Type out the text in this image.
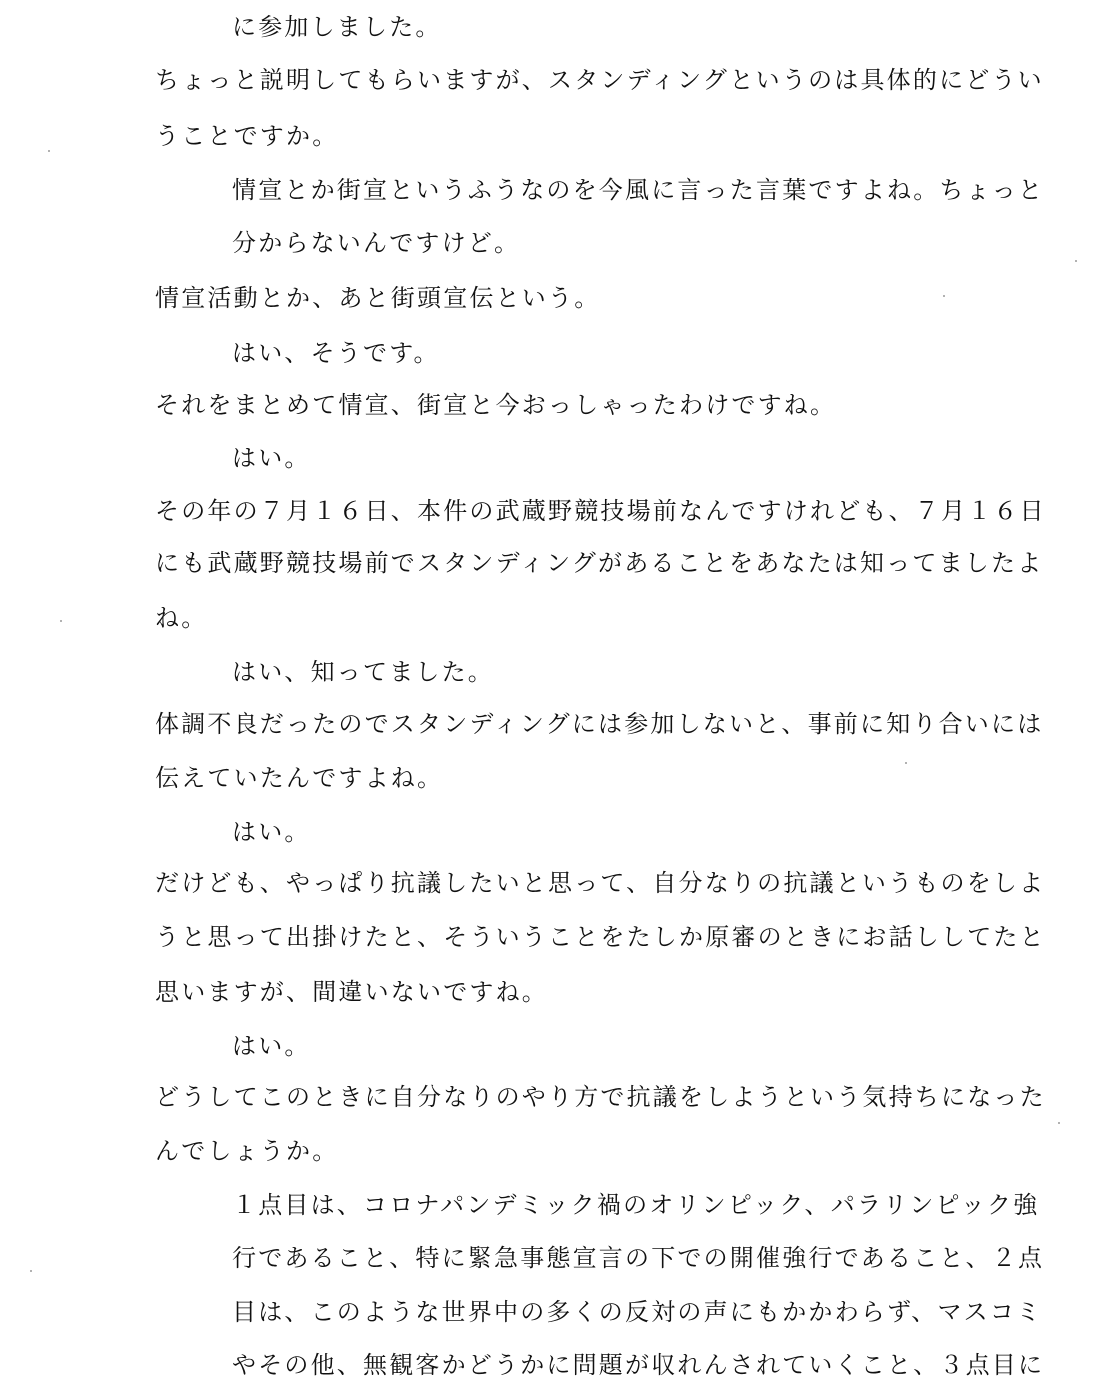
に参加しました。
ちょっと説明してもらいますが、スタンディングというのは具体的にどうい
うことですか。
情宣とか街宣というふうなのを今風に言った言葉ですよね。ちょっと
分からないんですけど。
情宣活動とか、あと街頭宣伝という。
はい、そうです。
それをまとめて情宣、街宣と今おっしゃったわけですね。
はい。
その年の７月１６日、本件の武蔵野競技場前なんですけれども、７月１６日
にも武蔵野競技場前でスタンディングがあることをあなたは知ってましたよ
ね。
はい、知ってました。
体調不良だったのでスタンディングには参加しないと、事前に知り合いには
伝えていたんですよね。
はい。
だけども、やっぱり抗議したいと思って、自分なりの抗議というものをしよ
うと思って出掛けたと、そういうことをたしか原審のときにお話ししてたと
思いますが、間違いないですね。
はい。
どうしてこのときに自分なりのやり方で抗議をしようという気持ちになった
んでしょうか。
１点目は、コロナパンデミック禍のオリンピック、パラリンピック強
行であること、特に緊急事態宣言の下での開催強行であること、２点
目は、このような世界中の多くの反対の声にもかかわらず、マスコミ
やその他、無観客かどうかに問題が収れんされていくこと、３点目に
